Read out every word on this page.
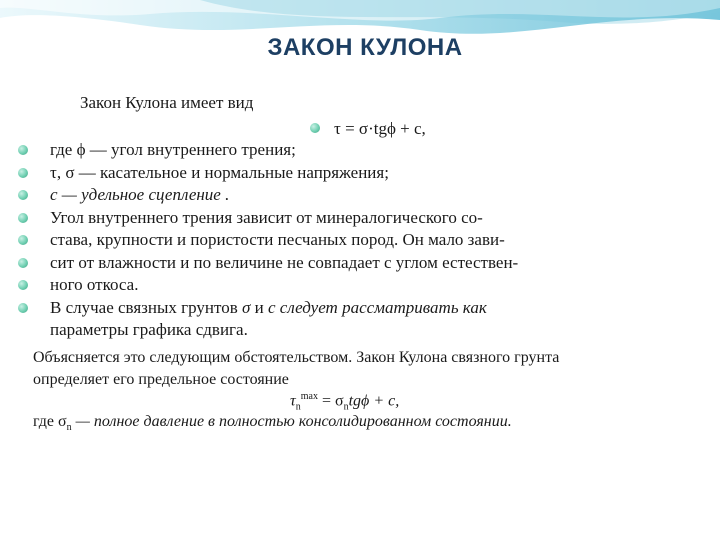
ЗАКОН КУЛОНА
Закон Кулона имеет вид
τ = σ·tgϕ + c,
где ϕ — угол внутреннего трения;
τ, σ — касательное и нормальные напряжения;
с — удельное сцепление .
Угол внутреннего трения зависит от минералогического со-
става, крупности и пористости песчаных пород. Он мало зави-
сит от влажности и по величине не совпадает с углом естествен-
ного откоса.
В случае связных грунтов σ и с следует рассматривать как
параметры графика сдвига.
Объясняется это следующим обстоятельством. Закон Кулона связного грунта
определяет его предельное состояние
$\tau_n^{max} = \sigma_ntg\phi + c$,
где $\sigma_n$ — полное давление в полностью консолидированном состоянии.
